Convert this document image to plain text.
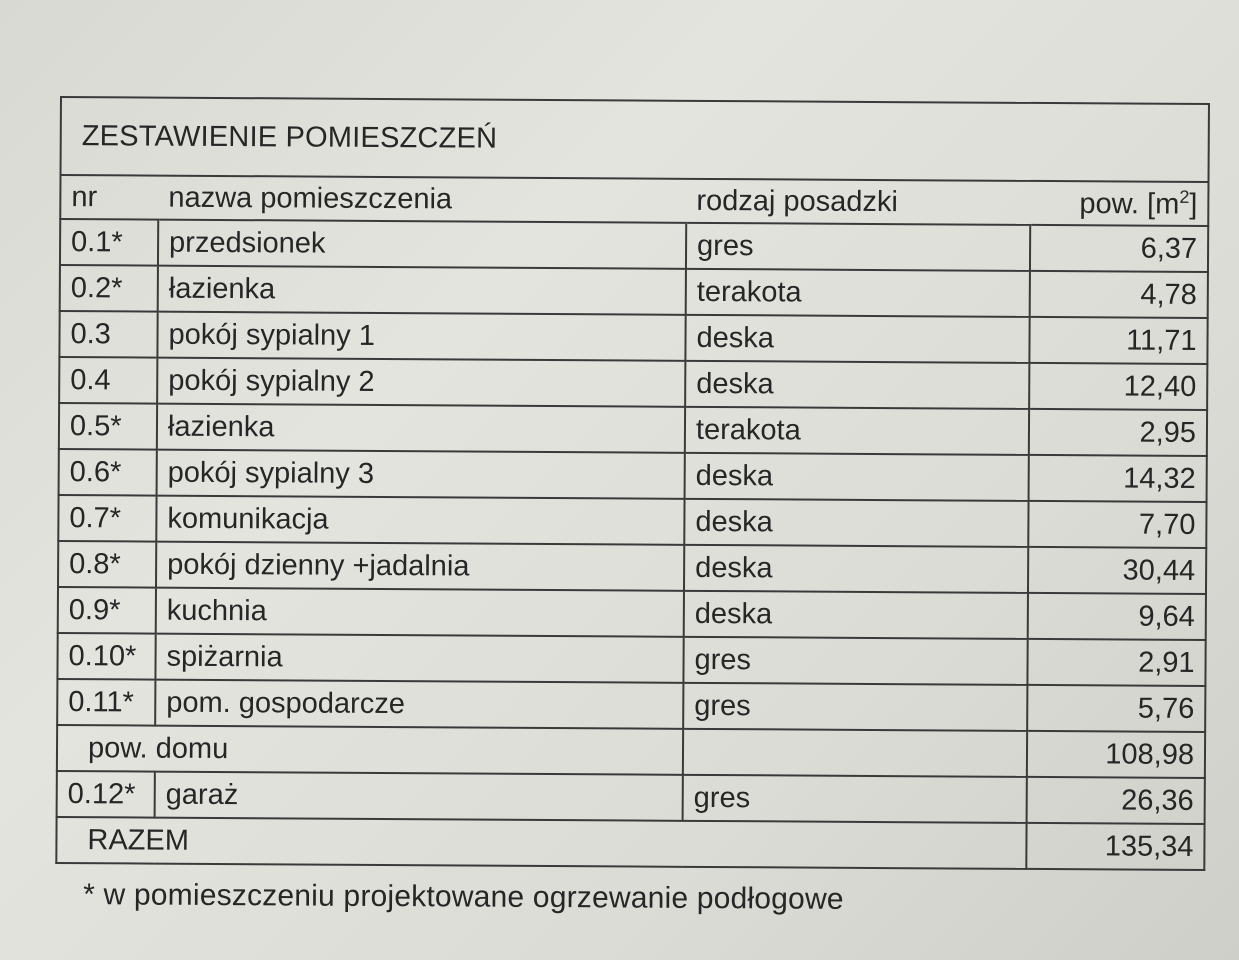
ZESTAWIENIE POMIESZCZEŃ			
nr	nazwa pomieszczenia	rodzaj posadzki	pow. $[m^2]$
0.1*	przedsionek	gres	6,37
0.2*	łazienka	terakota	4,78
0.3	pokój sypialny 1	deska	11,71
0.4	pokój sypialny 2	deska	12,40
0.5*	łazienka	terakota	2,95
0.6*	pokój sypialny 3	deska	14,32
0.7*	komunikacja	deska	7,70
0.8*	pokój dzienny +jadalnia	deska	30,44
0.9*	kuchnia	deska	9,64
0.10*	spiżarnia	gres	2,91
0.11*	pom. gospodarcze	gres	5,76
pow. domu			108,98
0.12*	garaż	gres	26,36
RAZEM			135,34
* w pomieszczeniu projektowane ogrzewanie podłogowe
